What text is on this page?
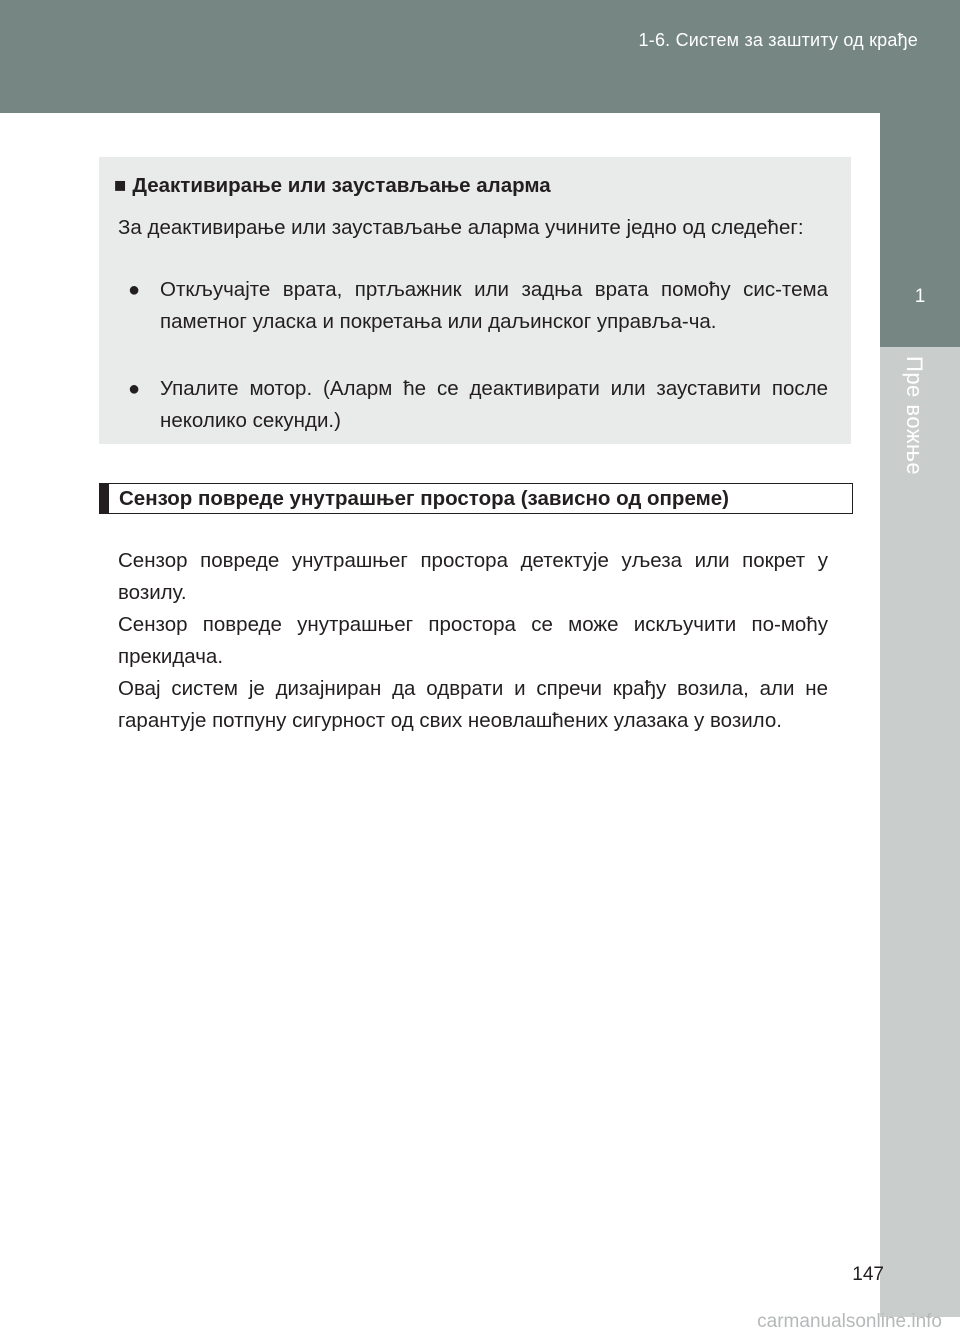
1-6. Систем за заштиту од крађе
1
Пре вожње
■ Деактивирање или заустављање аларма
За деактивирање или заустављање аларма учините једно од следећег:
● Откључајте врата, пртљажник или задња врата помоћу сис-тема паметног уласка и покретања или даљинског управља-ча.
● Упалите мотор. (Аларм ће се деактивирати или зауставити после неколико секунди.)
Сензор повреде унутрашњег простора (зависно од опреме)

Сензор повреде унутрашњег простора детектује уљеза или покрет у возилу.

Сензор повреде унутрашњег простора се може искључити по-моћу прекидача.

Овај систем је дизајниран да одврати и спречи крађу возила, али не гарантује потпуну сигурност од свих неовлашћених улазака у возило.

147
carmanualsonline.info
